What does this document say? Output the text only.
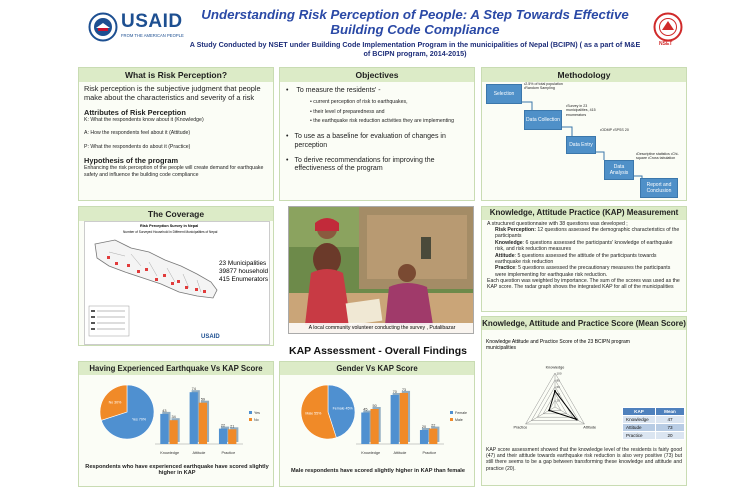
USAID
FROM THE AMERICAN PEOPLE
Understanding Risk Perception of People: A Step Towards Effective Building Code Compliance
A Study Conducted by NSET under Building Code Implementation Program in the municipalities of Nepal (BCIPN) ( as a part of M&E of BCIPN program, 2014-2015)
NSET
What is Risk Perception?
Risk perception is the subjective judgment that people make about the characteristics and severity of a risk
Attributes of Risk Perception
K: What the respondents know about it (Knowledge)
A: How the respondents feel about it (Attitude)
P: What the respondents do about it (Practice)
Hypothesis of the program
Enhancing the risk perception of the people will create demand for earthquake safety and influence the building code compliance
Objectives
• To measure the residents' -
• current perception of risk to earthquakes,
• their level of preparedness and
• the earthquake risk reduction activities they are implementing
• To use as a baseline for evaluation of changes in perception
• To derive recommendations for improving the effectiveness of the program
Methodology
Selection
Data Collection
Data Entry
Data Analysis
Report and Conclusion
•2.5% of total population •Random Sampling
•Survey in 23 municipalities, 415 enumerators
•ODMP •SPSS 20
•Descriptive statistics •Chi-square •Cross tabulation
The Coverage
Risk Perception Survey in Nepal
Number of Surveyed Household in Different Municipalities of Nepal
23 Municipalities
39877 household
415 Enumerators
USAID
A local community volunteer conducting the survey , Putalibazar
Knowledge, Attitude Practice (KAP) Measurement
A structured questionnaire with 38 questions was developed ;
Risk Perception: 12 questions assessed the demographic characteristics of the participants
Knowledge: 6 questions assessed the participants' knowledge of earthquake risk, and risk reduction measures
Attitude: 5 questions assessed the attitude of the participants towards earthquake risk reduction
Practice: 5 questions assessed the precautionary measures the participants were implementing for earthquake risk reduction.
Each question was weighted by importance. The sum of the scores was used as the KAP score. The radar graph shows the integrated KAP for all of the municipalities
Knowledge, Attitude and Practice Score (Mean Score)
Knowledge Attitude and Practice Score of the 23 BCIPN program municipalities
20
40
60
80
100
Knowledge
Attitude
Practice
KAP	Mean
Knowledge	47
Attitude	73
Practice	20
KAP score assessment showed that the knowledge level of the residents is fairly good (47) and their attitude towards earthquake risk reduction is also very positive (73) but still there seems to be a gap between transforming these knowledge and attitude and practice (20).
KAP Assessment - Overall Findings
Having Experienced Earthquake Vs KAP Score
Yes 70%
No 30%
43
34
Knowledge
74
59
Attitude
22 21
Practice
Yes
No
Respondents who have experienced earthquake have scored slightly higher in KAP
Gender Vs KAP Score
Female 45%
Male 55%
45
50
Knowledge
70
73
Attitude
20 22
Practice
Female
Male
Male respondents have scored slightly higher in KAP than female
